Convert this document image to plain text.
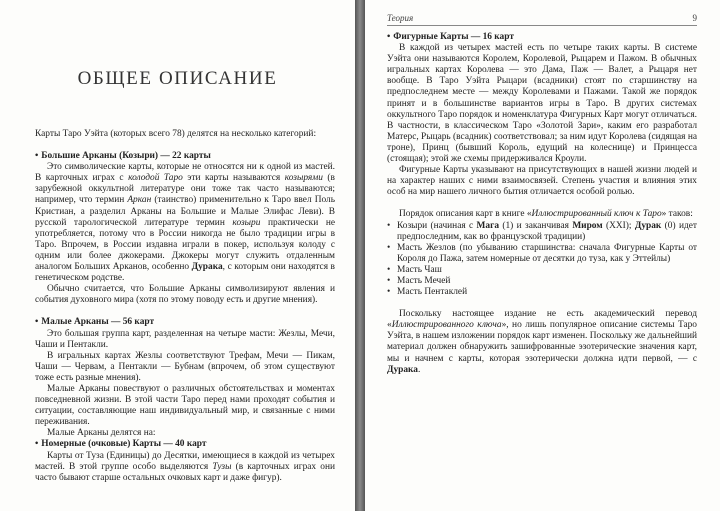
ОБЩЕЕ ОПИСАНИЕ

Карты Таро Уэйта (которых всего 78) делятся на несколько категорий:

• Большие Арканы (Козыри) — 22 карты

Это символические карты, которые не относятся ни к одной из мастей. В карточных играх с колодой Таро эти карты называются козырями (в зарубежной оккультной литературе они тоже так часто называются; например, что термин Аркан (таинство) применительно к Таро ввел Поль Кристиан, а разделил Арканы на Большие и Малые Элифас Леви). В русской тарологической литературе термин козыри практически не употребляется, потому что в России никогда не было традиции игры в Таро. Впрочем, в России издавна играли в покер, используя колоду с одним или более джокерами. Джокеры могут служить отдаленным аналогом Больших Арканов, особенно Дурака, с которым они находятся в генетическом родстве.

Обычно считается, что Большие Арканы символизируют явления и события духовного мира (хотя по этому поводу есть и другие мнения).

• Малые Арканы — 56 карт

Это большая группа карт, разделенная на четыре масти: Жезлы, Мечи, Чаши и Пентакли.

В игральных картах Жезлы соответствуют Трефам, Мечи — Пикам, Чаши — Червам, а Пентакли — Бубнам (впрочем, об этом существуют тоже есть разные мнения).

Малые Арканы повествуют о различных обстоятельствах и моментах повседневной жизни. В этой части Таро перед нами проходят события и ситуации, составляющие наш индивидуальный мир, и связанные с ними переживания.

Малые Арканы делятся на:

• Номерные (очковые) Карты — 40 карт

Карты от Туза (Единицы) до Десятки, имеющиеся в каждой из четырех мастей. В этой группе особо выделяются Тузы (в карточных играх они часто бывают старше остальных очковых карт и даже фигур).

Теория	9
• Фигурные Карты — 16 карт

В каждой из четырех мастей есть по четыре таких карты. В системе Уэйта они называются Королем, Королевой, Рыцарем и Пажом. В обычных игральных картах Королева — это Дама, Паж — Валет, а Рыцаря нет вообще. В Таро Уэйта Рыцари (всадники) стоят по старшинству на предпоследнем месте — между Королевами и Пажами. Такой же порядок принят и в большинстве вариантов игры в Таро. В других системах оккультного Таро порядок и номенклатура Фигурных Карт могут отличаться. В частности, в классическом Таро «Золотой Зари», каким его разработал Матерс, Рыцарь (всадник) соответствовал; за ним идут Королева (сидящая на троне), Принц (бывший Король, едущий на колеснице) и Принцесса (стоящая); этой же схемы придерживался Кроули.

Фигурные Карты указывают на присутствующих в нашей жизни людей и на характер наших с ними взаимосвязей. Степень участия и влияния этих особ на мир нашего личного бытия отличается особой ролью.

Порядок описания карт в книге «Иллюстрированный ключ к Таро» таков:

• Козыри (начиная с Мага (1) и заканчивая Миром (XXI); Дурак (0) идет предпоследним, как во французской традиции)
• Масть Жезлов (по убыванию старшинства: сначала Фигурные Карты от Короля до Пажа, затем номерные от десятки до туза, как у Эттейлы)
• Масть Чаш
• Масть Мечей
• Масть Пентаклей

Поскольку настоящее издание не есть академический перевод «Иллюстрированного ключа», но лишь популярное описание системы Таро Уэйта, в нашем изложении порядок карт изменен. Поскольку же дальнейший материал должен обнаружить зашифрованные эзотерические значения карт, мы и начнем с карты, которая эзотерически должна идти первой, — с Дурака.
